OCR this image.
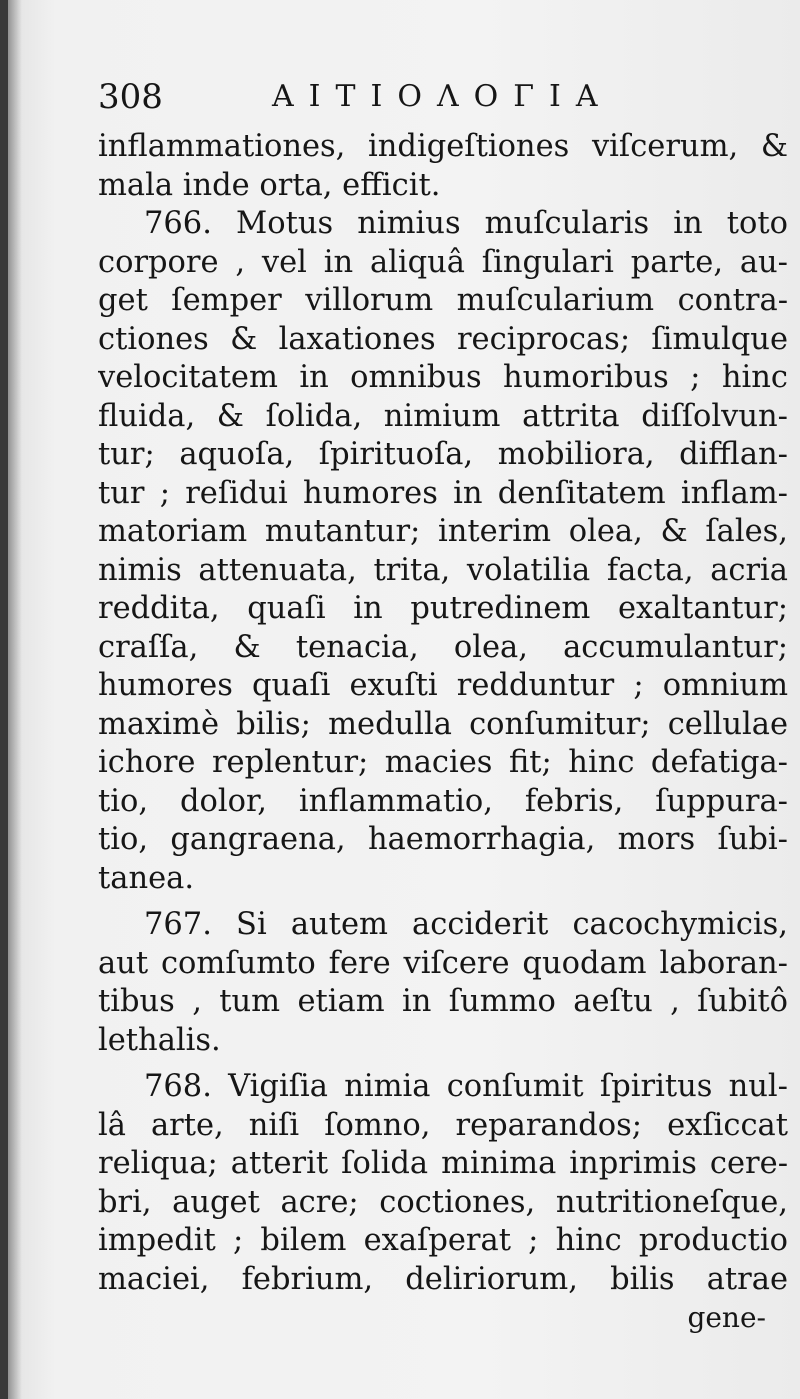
308	ΑΙΤΙΟΛΟΓΙΑ
inflammationes, indigeſtiones viſcerum, &
mala inde orta, efficit.
766. Motus nimius muſcularis in toto
corpore , vel in aliquâ ſingulari parte, au-
get ſemper villorum muſcularium contra-
ctiones & laxationes reciprocas; ſimulque
velocitatem in omnibus humoribus ; hinc
fluida, & ſolida, nimium attrita diſſolvun-
tur; aquoſa, ſpirituoſa, mobiliora, difflan-
tur ; reſidui humores in denſitatem inflam-
matoriam mutantur; interim olea, & ſales,
nimis attenuata, trita, volatilia facta, acria
reddita, quaſi in putredinem exaltantur;
craſſa, & tenacia, olea, accumulantur;
humores quaſi exuſti redduntur ; omnium
maximè bilis; medulla conſumitur; cellulae
ichore replentur; macies fit; hinc defatiga-
tio, dolor, inflammatio, febris, ſuppura-
tio, gangraena, haemorrhagia, mors ſubi-
tanea.
767. Si autem acciderit cacochymicis,
aut comſumto fere viſcere quodam laboran-
tibus , tum etiam in ſummo aeſtu , ſubitô
lethalis.
768. Vigiſia nimia conſumit ſpiritus nul-
lâ arte, niſi ſomno, reparandos; exſiccat
reliqua; atterit ſolida minima inprimis cere-
bri, auget acre; coctiones, nutritioneſque,
impedit ; bilem exaſperat ; hinc productio
maciei, febrium, deliriorum, bilis atrae
gene-
